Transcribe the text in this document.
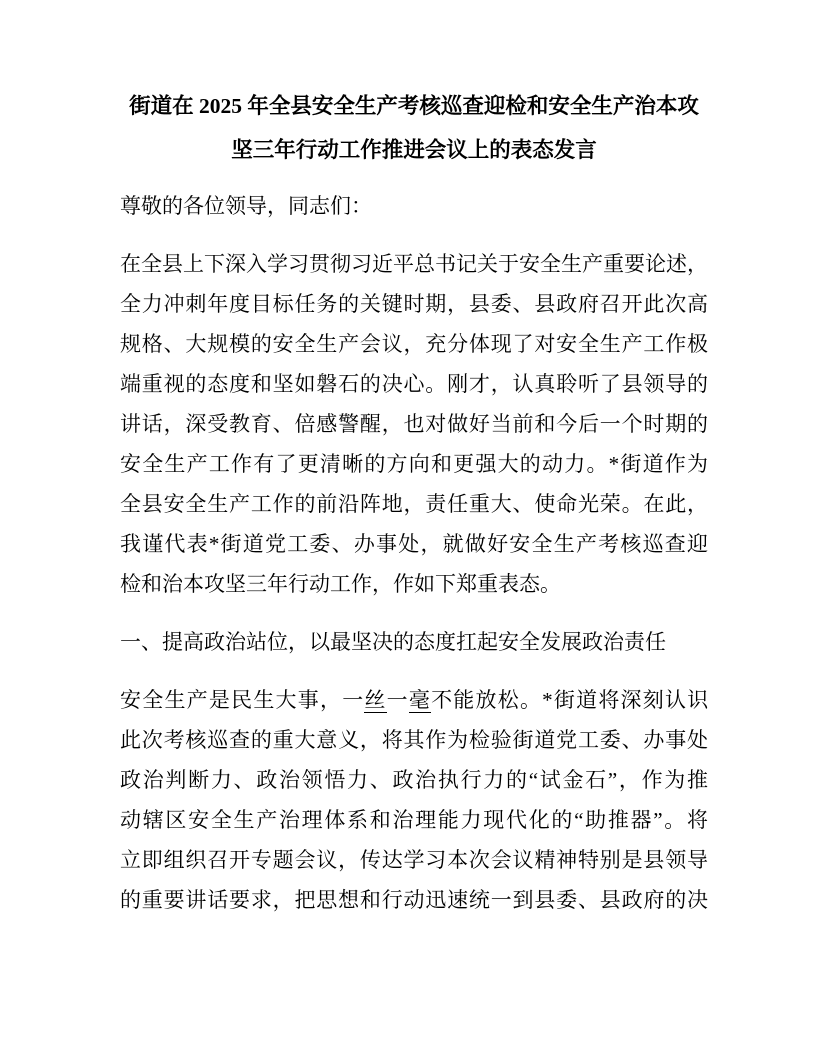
街道在 2025 年全县安全生产考核巡查迎检和安全生产治本攻
坚三年行动工作推进会议上的表态发言
尊敬的各位领导，同志们：
在全县上下深入学习贯彻习近平总书记关于安全生产重要论述，
全力冲刺年度目标任务的关键时期，县委、县政府召开此次高
规格、大规模的安全生产会议，充分体现了对安全生产工作极
端重视的态度和坚如磐石的决心。刚才，认真聆听了县领导的
讲话，深受教育、倍感警醒，也对做好当前和今后一个时期的
安全生产工作有了更清晰的方向和更强大的动力。*街道作为
全县安全生产工作的前沿阵地，责任重大、使命光荣。在此，
我谨代表*街道党工委、办事处，就做好安全生产考核巡查迎
检和治本攻坚三年行动工作，作如下郑重表态。
一、提高政治站位，以最坚决的态度扛起安全发展政治责任
安全生产是民生大事，一丝一毫不能放松。*街道将深刻认识
此次考核巡查的重大意义，将其作为检验街道党工委、办事处
政治判断力、政治领悟力、政治执行力的“试金石”，作为推
动辖区安全生产治理体系和治理能力现代化的“助推器”。将
立即组织召开专题会议，传达学习本次会议精神特别是县领导
的重要讲话要求，把思想和行动迅速统一到县委、县政府的决
